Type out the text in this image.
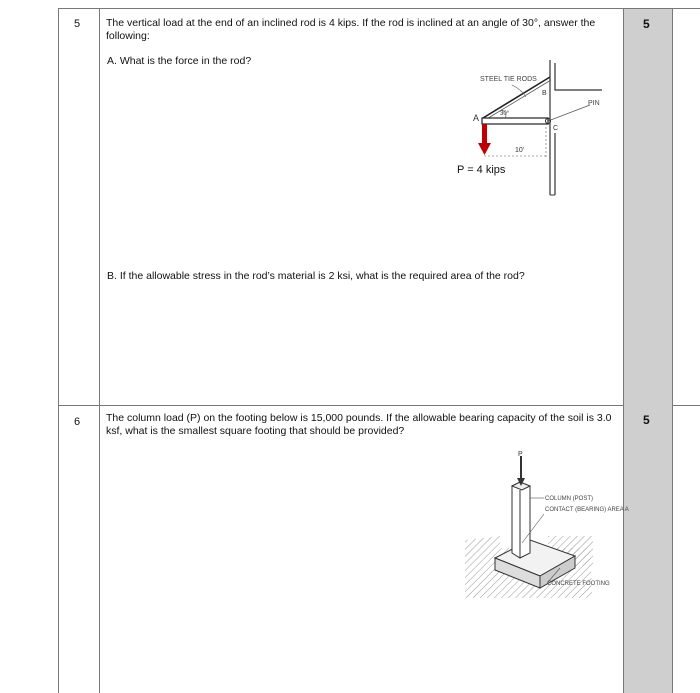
5	5
The vertical load at the end of an inclined rod is 4 kips. If the rod is inclined at an angle of 30°, answer the following:
A. What is the force in the rod?
B. If the allowable stress in the rod’s material is 2 ksi, what is the required area of the rod?
STEEL TIE RODS
PIN
A
B
C
30°
10'
P = 4 kips
6	5
The column load (P) on the footing below is 15,000 pounds. If the allowable bearing capacity of the soil is 3.0 ksf, what is the smallest square footing that should be provided?
P
COLUMN (POST)
CONTACT (BEARING) AREA A
CONCRETE FOOTING
